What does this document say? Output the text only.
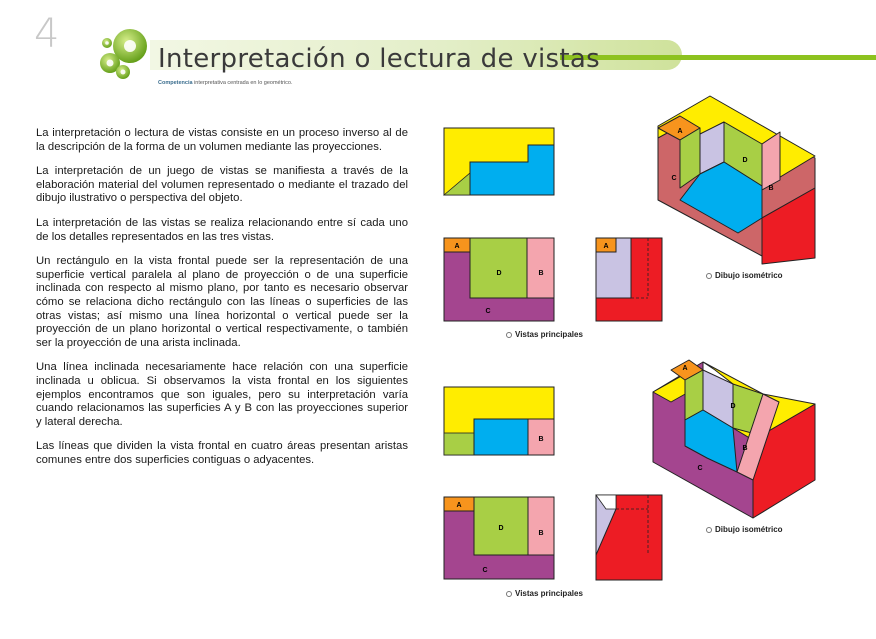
4
Interpretación o lectura de vistas
Competencia interpretativa centrada en lo geométrico.

La interpretación o lectura de vistas consiste en un proceso inverso al de la descripción de la forma de un volumen mediante las proyecciones.

La interpretación de un juego de vistas se manifiesta a través de la elaboración material del volumen representado o mediante el trazado del dibujo ilustrativo o perspectiva del objeto.

La interpretación de las vistas se realiza relacionando entre sí cada uno de los detalles representados en las tres vistas.

Un rectángulo en la vista frontal puede ser la representación de una superficie vertical paralela al plano de proyección o de una superficie inclinada con respecto al mismo plano, por tanto es necesario observar cómo se relaciona dicho rectángulo con las líneas o superficies de las otras vistas; así mismo una línea horizontal o vertical puede ser la proyección de un plano horizontal o vertical respectivamente, o también ser la proyección de una arista inclinada.

Una línea inclinada necesariamente hace relación con una superficie inclinada u oblicua. Si observamos la vista frontal en los siguientes ejemplos encontramos que son iguales, pero su interpretación varía cuando relacionamos las superficies A y B con las proyecciones superior y lateral derecha.

Las líneas que dividen la vista frontal en cuatro áreas presentan aristas comunes entre dos superficies contiguas o adyacentes.

A
D	B
C
A
Vistas principales
A
D
B
C
Dibujo isométrico
B
A
D
B
C
Vistas principales
A
D
B
C
Dibujo isométrico
